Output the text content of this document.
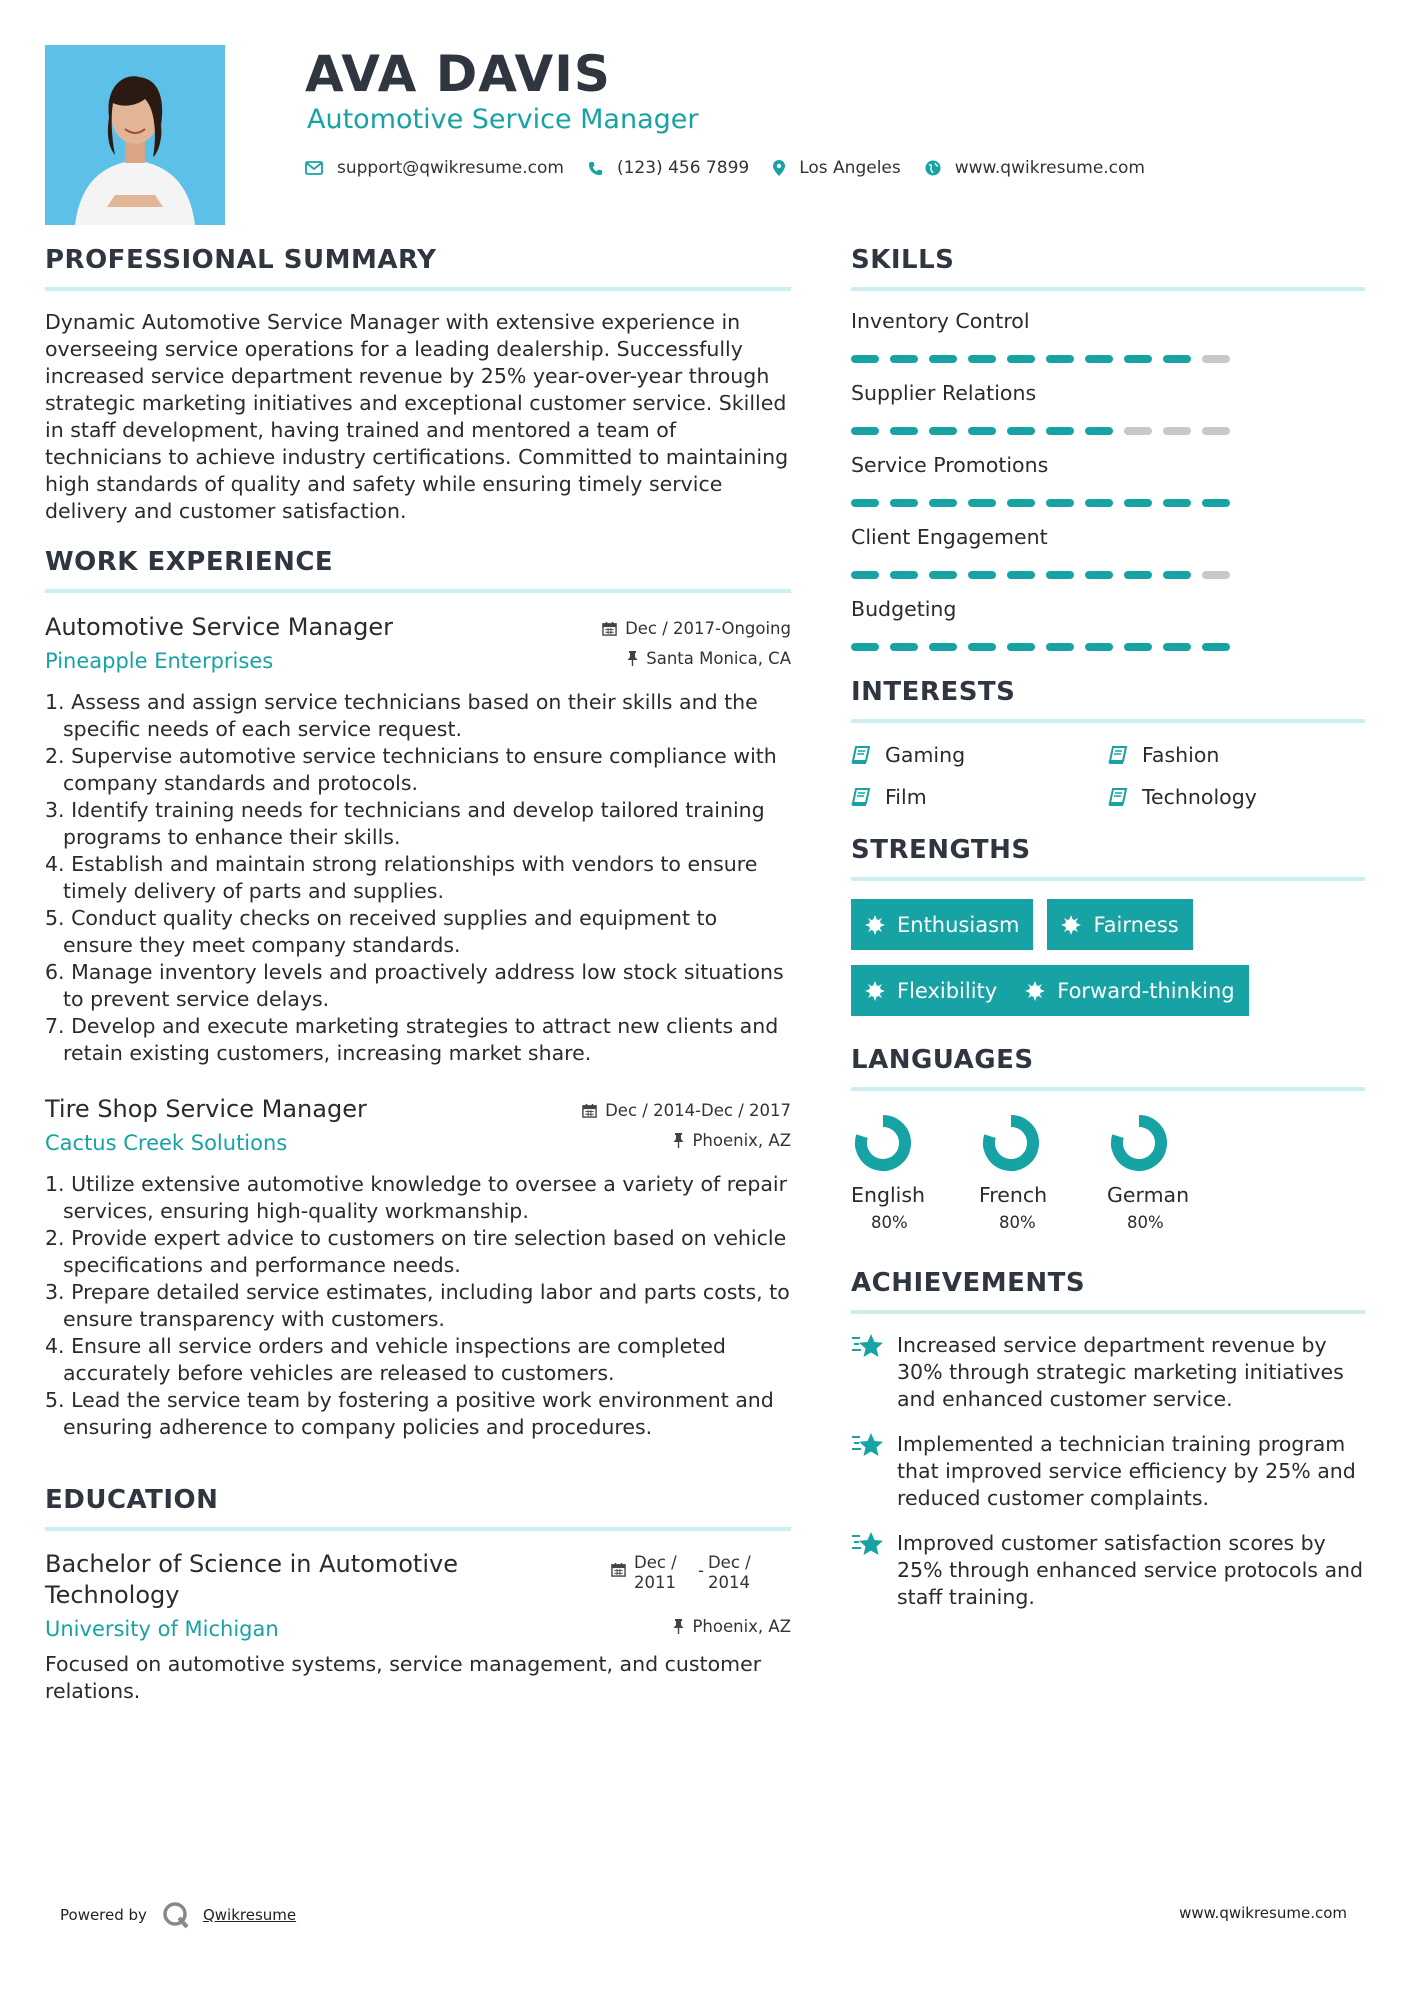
AVA DAVIS
Automotive Service Manager
support@qwikresume.com	(123) 456 7899	Los Angeles	www.qwikresume.com
PROFESSIONAL SUMMARY

Dynamic Automotive Service Manager with extensive experience in overseeing service operations for a leading dealership. Successfully increased service department revenue by 25% year-over-year through strategic marketing initiatives and exceptional customer service. Skilled in staff development, having trained and mentored a team of technicians to achieve industry certifications. Committed to maintaining high standards of quality and safety while ensuring timely service delivery and customer satisfaction.

WORK EXPERIENCE
Automotive Service Manager	Dec / 2017-Ongoing
Pineapple Enterprises	Santa Monica, CA
1. Assess and assign service technicians based on their skills and the specific needs of each service request.
2. Supervise automotive service technicians to ensure compliance with company standards and protocols.
3. Identify training needs for technicians and develop tailored training programs to enhance their skills.
4. Establish and maintain strong relationships with vendors to ensure timely delivery of parts and supplies.
5. Conduct quality checks on received supplies and equipment to ensure they meet company standards.
6. Manage inventory levels and proactively address low stock situations to prevent service delays.
7. Develop and execute marketing strategies to attract new clients and retain existing customers, increasing market share.
Tire Shop Service Manager	Dec / 2014-Dec / 2017
Cactus Creek Solutions	Phoenix, AZ
1. Utilize extensive automotive knowledge to oversee a variety of repair services, ensuring high-quality workmanship.
2. Provide expert advice to customers on tire selection based on vehicle specifications and performance needs.
3. Prepare detailed service estimates, including labor and parts costs, to ensure transparency with customers.
4. Ensure all service orders and vehicle inspections are completed accurately before vehicles are released to customers.
5. Lead the service team by fostering a positive work environment and ensuring adherence to company policies and procedures.
EDUCATION
Bachelor of Science in Automotive Technology
Dec / 2011
- Dec / 2014
University of Michigan	Phoenix, AZ

Focused on automotive systems, service management, and customer relations.

SKILLS
Inventory Control
Supplier Relations
Service Promotions
Client Engagement
Budgeting
INTERESTS
Gaming	Fashion
Film	Technology
STRENGTHS
Enthusiasm	Fairness
Flexibility	Forward-thinking
LANGUAGES
English
80%
French
80%
German
80%
ACHIEVEMENTS
Increased service department revenue by 30% through strategic marketing initiatives and enhanced customer service.
Implemented a technician training program that improved service efficiency by 25% and reduced customer complaints.
Improved customer satisfaction scores by 25% through enhanced service protocols and staff training.
Powered by	Qwikresume	www.qwikresume.com
